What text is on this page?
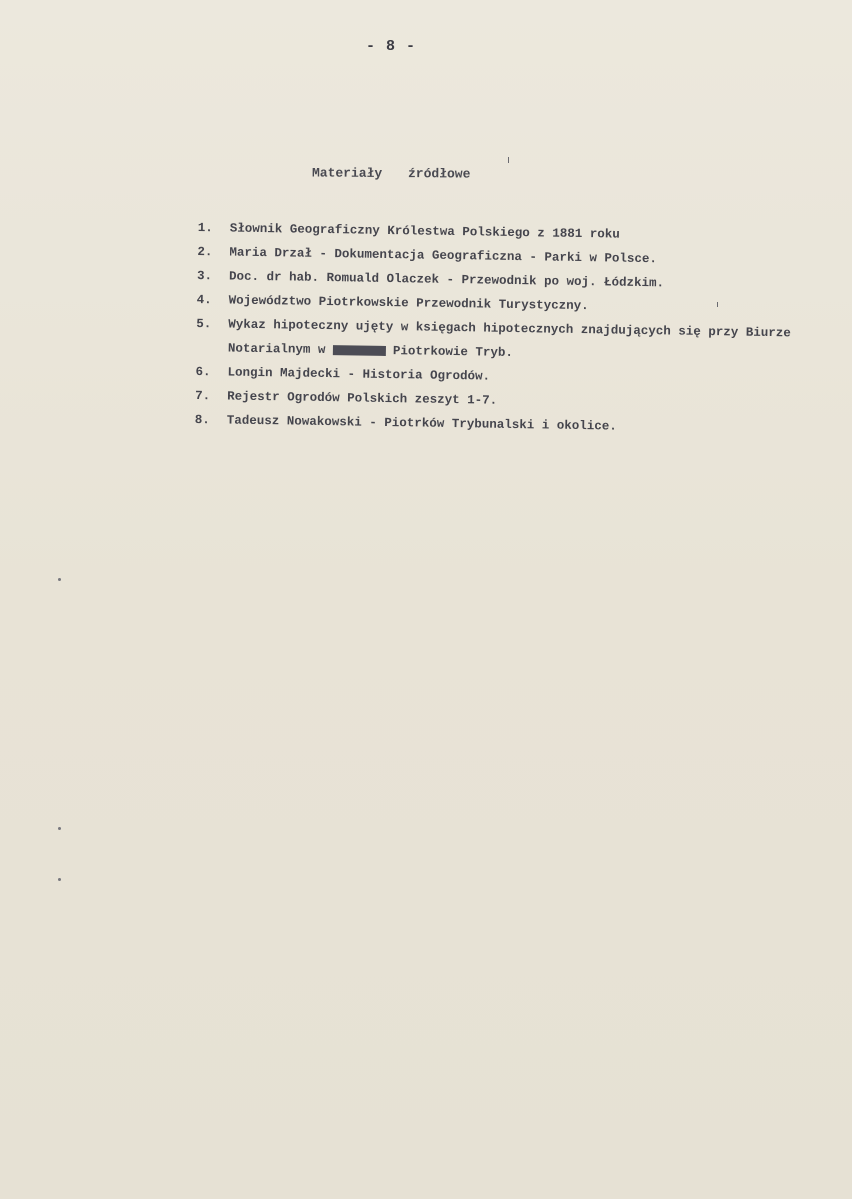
- 8 -
Materiały źródłowe
1.	Słownik Geograficzny Królestwa Polskiego z 1881 roku
2.	Maria Drzał - Dokumentacja Geograficzna - Parki w Polsce.
3.	Doc. dr hab. Romuald Olaczek - Przewodnik po woj. Łódzkim.
4.	Województwo Piotrkowskie Przewodnik Turystyczny.
5.	Wykaz hipoteczny ujęty w księgach hipotecznych znajdujących się przy Biurze Notarialnym w	Piotrkowie Tryb.
6.	Longin Majdecki - Historia Ogrodów.
7.	Rejestr Ogrodów Polskich zeszyt 1-7.
8.	Tadeusz Nowakowski - Piotrków Trybunalski i okolice.
